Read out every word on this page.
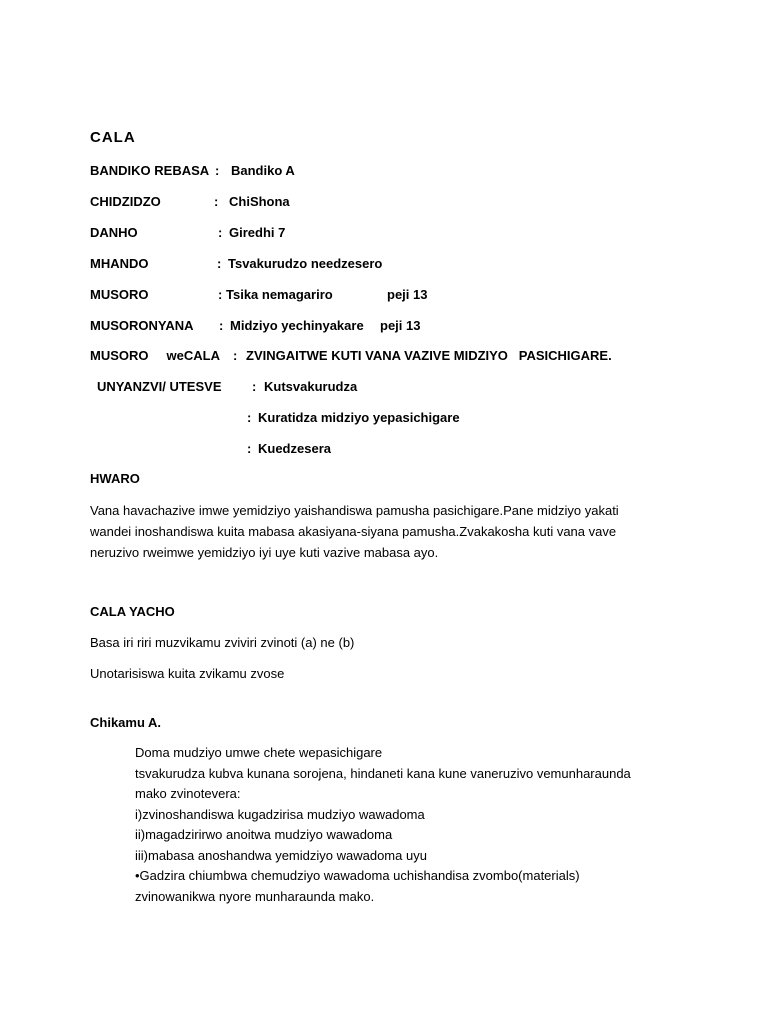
CALA
BANDIKO REBASA : Bandiko A
CHIDZIDZO	: ChiShona
DANHO	: Giredhi 7
MHANDO	: Tsvakurudzo needzesero
MUSORO	: Tsika nemagariro	peji 13
MUSORONYANA : Midziyo yechinyakare peji 13
MUSORO     weCALA : ZVINGAITWE KUTI VANA VAZIVE MIDZIYO   PASICHIGARE.
UNYANZVI/ UTESVE : Kutsvakurudza
: Kuratidza midziyo yepasichigare
: Kuedzesera
HWARO
Vana havachazive imwe yemidziyo yaishandiswa pamusha pasichigare.Pane midziyo yakati
wandei inoshandiswa kuita mabasa akasiyana-siyana pamusha.Zvakakosha kuti vana vave
neruzivo rweimwe yemidziyo iyi uye kuti vazive mabasa ayo.
CALA YACHO
Basa iri riri muzvikamu zviviri zvinoti (a) ne (b)
Unotarisiswa kuita zvikamu zvose
Chikamu A.
Doma mudziyo umwe chete wepasichigare
tsvakurudza kubva kunana sorojena, hindaneti kana kune vaneruzivo vemunharaunda
mako zvinotevera:
i)zvinoshandiswa kugadzirisa mudziyo wawadoma
ii)magadzirirwo anoitwa mudziyo wawadoma
iii)mabasa anoshandwa yemidziyo wawadoma uyu
•Gadzira chiumbwa chemudziyo wawadoma uchishandisa zvombo(materials)
zvinowanikwa nyore munharaunda mako.
